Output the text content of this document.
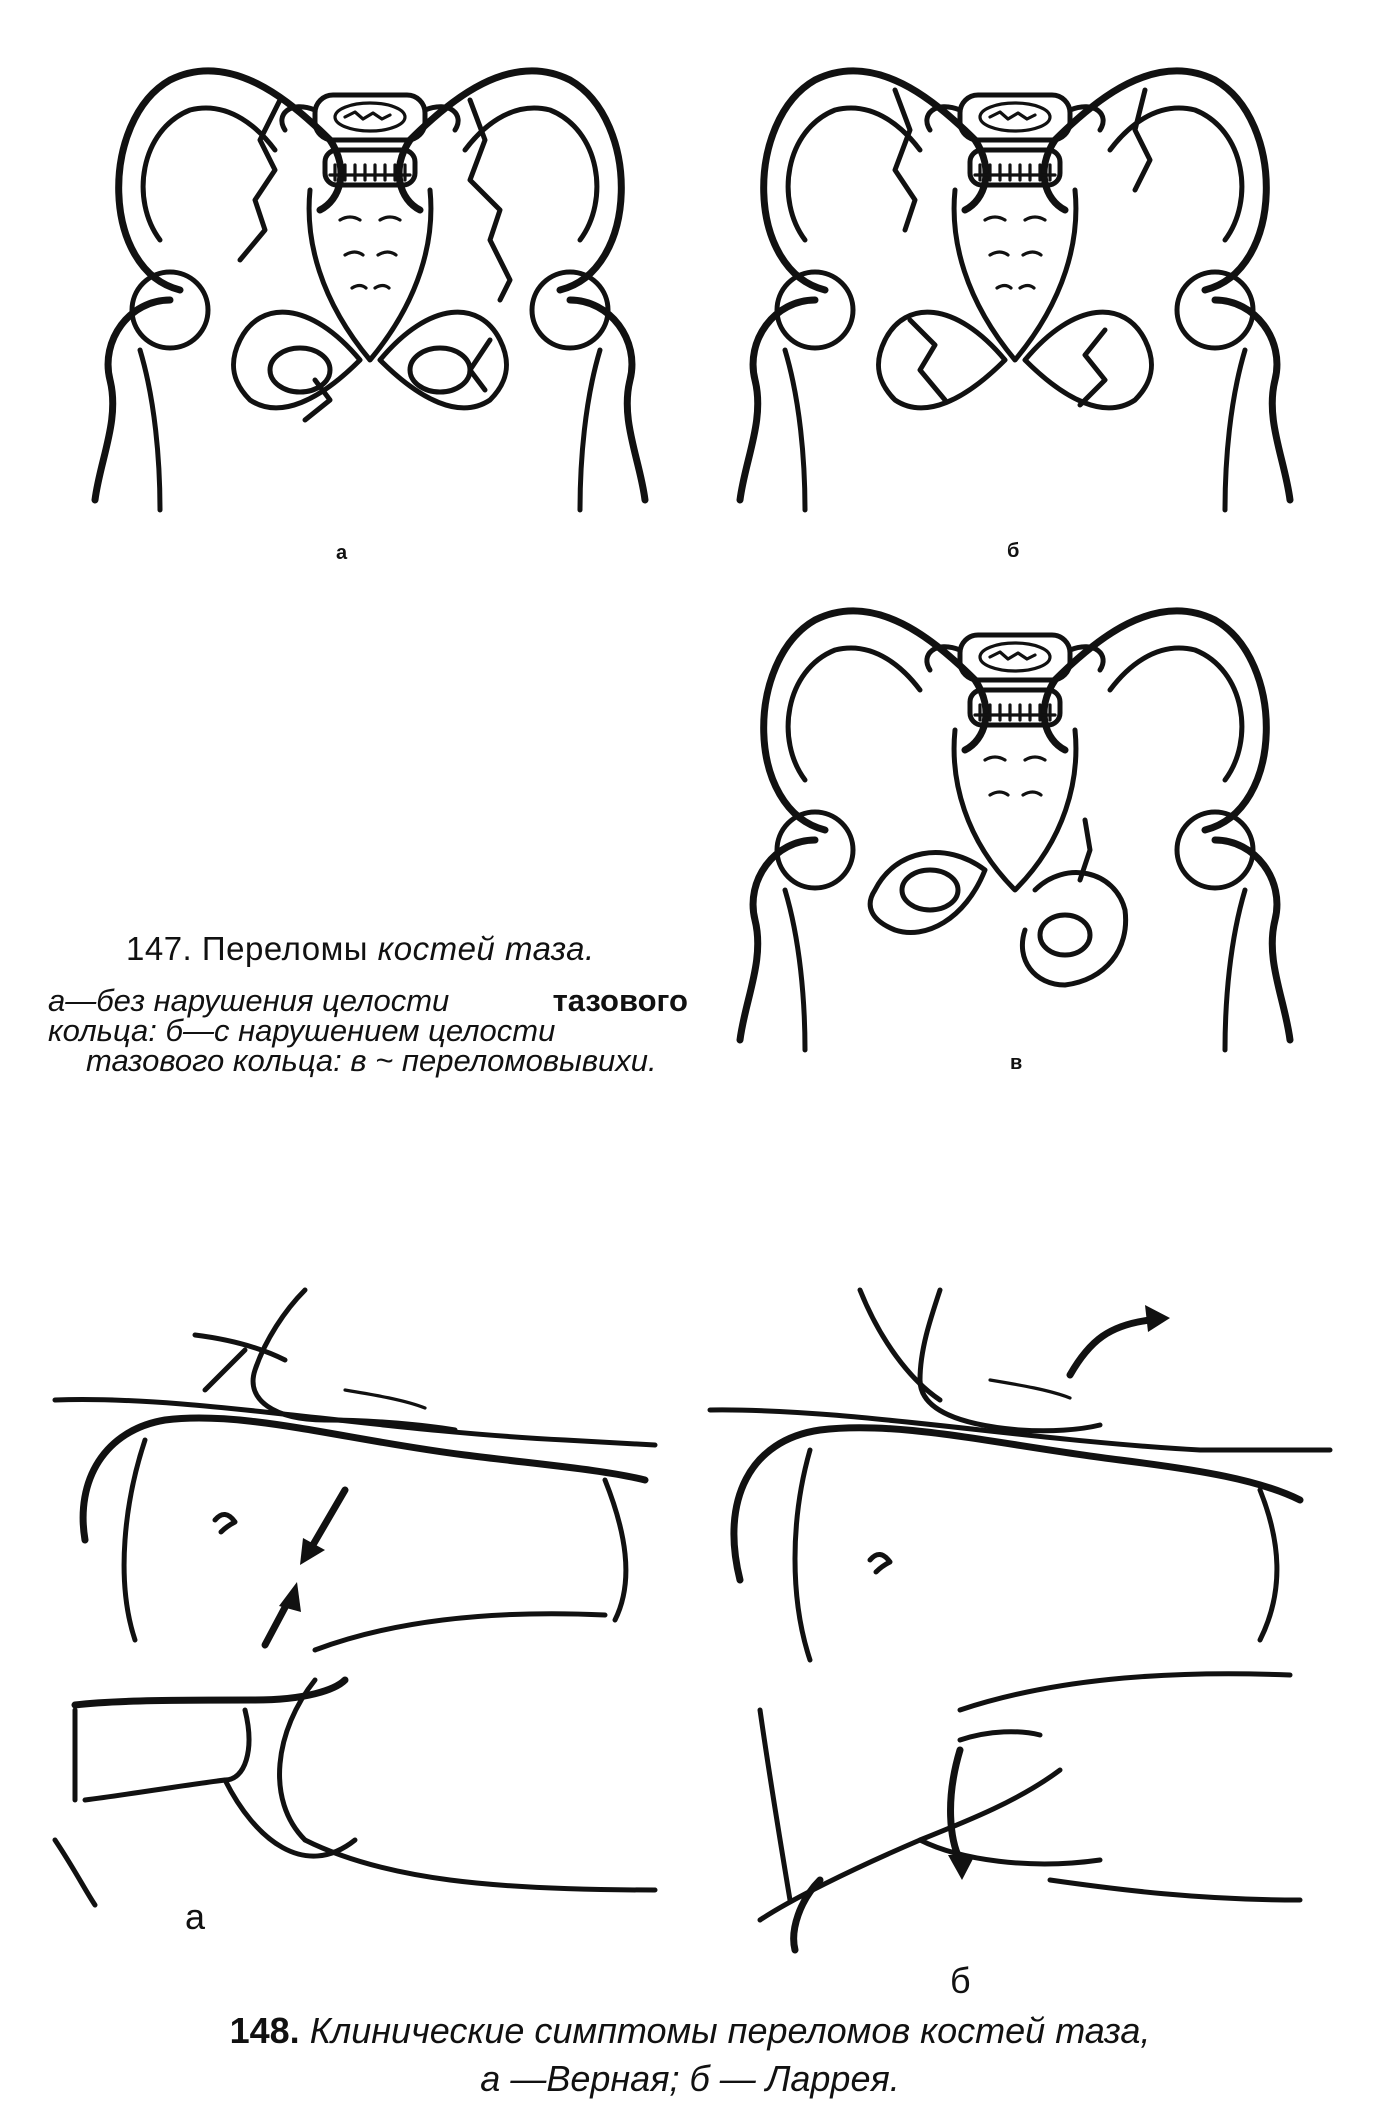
а	б
в
147. Переломы костей таза.
а—без нарушения целости	тазового
кольца: б—с нарушением целости
тазового кольца: в ~ переломовывихи.
а
б
148. Клинические симптомы переломов костей таза,
а —Верная; б — Ларрея.
